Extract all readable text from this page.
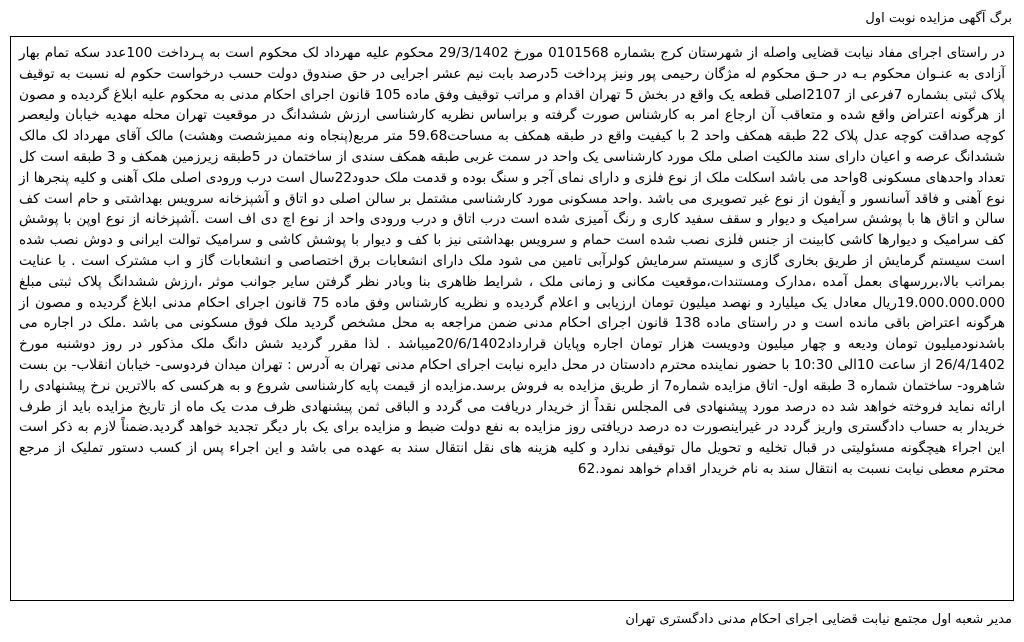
برگ آگهی مزایده نوبت اول

در راستای اجرای مفاد نیابت قضایی واصله از شهرستان کرج بشماره 0101568 مورخ 29/3/1402 محکوم علیه مهرداد لک محکوم است به پـرداخت 100عدد سکه تمام بهار آزادی به عنـوان محکوم بـه در حـق محکوم له مژگان رحیمی پور ونیز پرداخت 5درصد بابت نیم عشر اجرایی در حق صندوق دولت حسب درخواست حکوم له نسبت به توقیف پلاک ثبتی بشماره 7فرعی از 2107اصلی قطعه یک واقع در بخش 5 تهران اقدام و مراتب توقیف وفق ماده 105 قانون اجرای احکام مدنی به محکوم علیه ابلاغ گردیده و مصون از هرگونه اعتراض واقع شده و متعاقب آن ارجاع امر به کارشناس صورت گرفته و براساس نظریه کارشناسی ارزش ششدانگ در موقعیت تهران محله مهدیه خیابان ولیعصر کوچه صداقت کوچه عدل پلاک 22 طبقه همکف واحد 2 با کیفیت واقع در طبقه همکف به مساحت59.68 متر مربع(پنجاه ونه ممیزشصت وهشت) مالک آقای مهرداد لک مالک ششدانگ عرصه و اعیان دارای سند مالکیت اصلی ملک مورد کارشناسی یک واحد در سمت غربی طبقه همکف سندی از ساختمان در 5طبقه زیرزمین همکف و 3 طبقه است کل تعداد واحدهای مسکونی 8واحد می باشد اسکلت ملک از نوع فلزی و دارای نمای آجر و سنگ بوده و قدمت ملک حدود22سال است درب ورودی اصلی ملک آهنی و کلیه پنجرها از نوع آهنی و فاقد آسانسور و آیفون از نوع غیر تصویری می باشد .واحد مسکونی مورد کارشناسی مشتمل بر سالن اصلی دو اتاق و آشپزخانه سرویس بهداشتی و حام است کف سالن و اتاق ها با پوشش سرامیک و دیوار و سقف سفید کاری و رنگ آمیزی شده است درب اتاق و درب ورودی واحد از نوع اچ دی اف است .آشپزخانه از نوع اوپن با پوشش کف سرامیک و دیوارها کاشی کابینت از جنس فلزی نصب شده است حمام و سرویس بهداشتی نیز با کف و دیوار با پوشش کاشی و سرامیک توالت ایرانی و دوش نصب شده است سیستم گرمایش از طریق بخاری گازی و سیستم سرمایش کولرآبی تامین می شود ملک دارای انشعابات برق اختصاصی و انشعابات گاز و اب مشترک است . با عنایت بمراتب بالا،بررسهای بعمل آمده ،مدارک ومستندات،موقعیت مکانی و زمانی ملک ، شرایط ظاهری بنا وبادر نظر گرفتن سایر جوانب موثر ،ارزش ششدانگ پلاک ثبتی مبلغ 19.000.000.000ریال معادل یک میلیارد و نهصد میلیون تومان ارزیابی و اعلام گردیده و نظریه کارشناس وفق ماده 75 قانون اجرای احکام مدنی ابلاغ گردیده و مصون از هرگونه اعتراض باقی مانده است و در راستای ماده 138 قانون اجرای احکام مدنی ضمن مراجعه به محل مشخص گردید ملک فوق مسکونی می باشد .ملک در اجاره می باشدنودمیلیون تومان ودیعه و چهار میلیون ودویست هزار تومان اجاره وپایان قرارداد20/6/1402میباشد . لذا مقرر گردید شش دانگ ملک مذکور در روز دوشنبه مورخ 26/4/1402 از ساعت 10الی 10:30 با حضور نماینده محترم دادستان در محل دایره نیابت اجرای احکام مدنی تهران به آدرس : تهران میدان فردوسی- خیابان انقلاب- بن بست شاهرود- ساختمان شماره 3 طبقه اول- اتاق مزایده شماره7 از طریق مزایده به فروش برسد.مزایده از قیمت پایه کارشناسی شروع و به هرکسی که بالاترین نرخ پیشنهادی را ارائه نماید فروخته خواهد شد ده درصد مورد پیشنهادی فی المجلس نقداً از خریدار دریافت می گردد و الباقی ثمن پیشنهادی ظرف مدت یک ماه از تاریخ مزایده باید از طرف خریدار به حساب دادگستری واریز گردد در غیراینصورت ده درصد دریافتی روز مزایده به نفع دولت ضبط و مزایده برای یک بار دیگر تجدید خواهد گردید.ضمناً لازم به ذکر است این اجراء هیچگونه مسئولیتی در قبال تخلیه و تحویل مال توقیفی ندارد و کلیه هزینه های نقل انتقال سند به عهده می باشد و این اجراء پس از کسب دستور تملیک از مرجع محترم معطی نیابت نسبت به انتقال سند به نام خریدار اقدام خواهد نمود.62

مدیر شعبه اول مجتمع نیابت قضایی اجرای احکام مدنی دادگستری تهران
